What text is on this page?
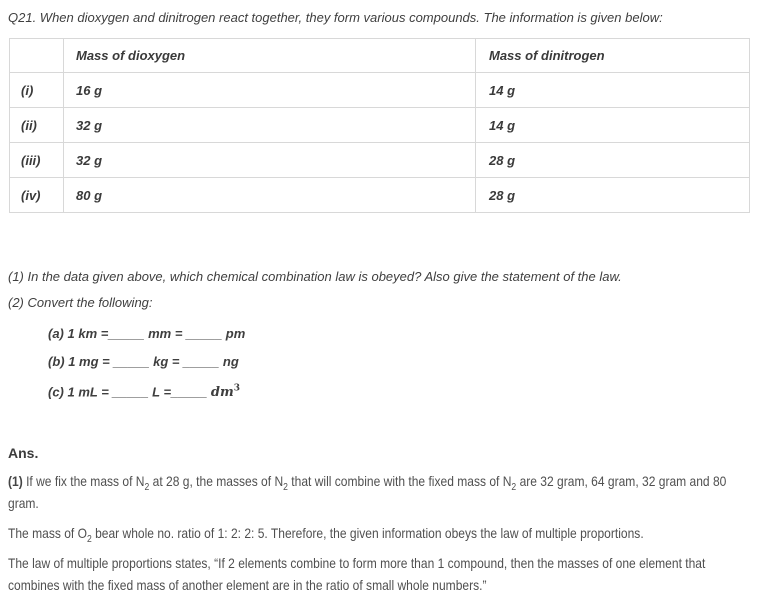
Q21. When dioxygen and dinitrogen react together, they form various compounds. The information is given below:

	Mass of dioxygen	Mass of dinitrogen
(i)	16 g	14 g
(ii)	32 g	14 g
(iii)	32 g	28 g
(iv)	80 g	28 g

(1) In the data given above, which chemical combination law is obeyed? Also give the statement of the law.

(2) Convert the following:

(a) 1 km =_____ mm = _____ pm

(b) 1 mg = _____ kg = _____ ng

(c) 1 mL = _____ L =_____ $dm^3$

Ans.

(1) If we fix the mass of $N_2$ at 28 g, the masses of $N_2$ that will combine with the fixed mass of $N_2$ are 32 gram, 64 gram, 32 gram and 80
gram.

The mass of $O_2$ bear whole no. ratio of 1: 2: 2: 5. Therefore, the given information obeys the law of multiple proportions.

The law of multiple proportions states, “If 2 elements combine to form more than 1 compound, then the masses of one element that
combines with the fixed mass of another element are in the ratio of small whole numbers.”
